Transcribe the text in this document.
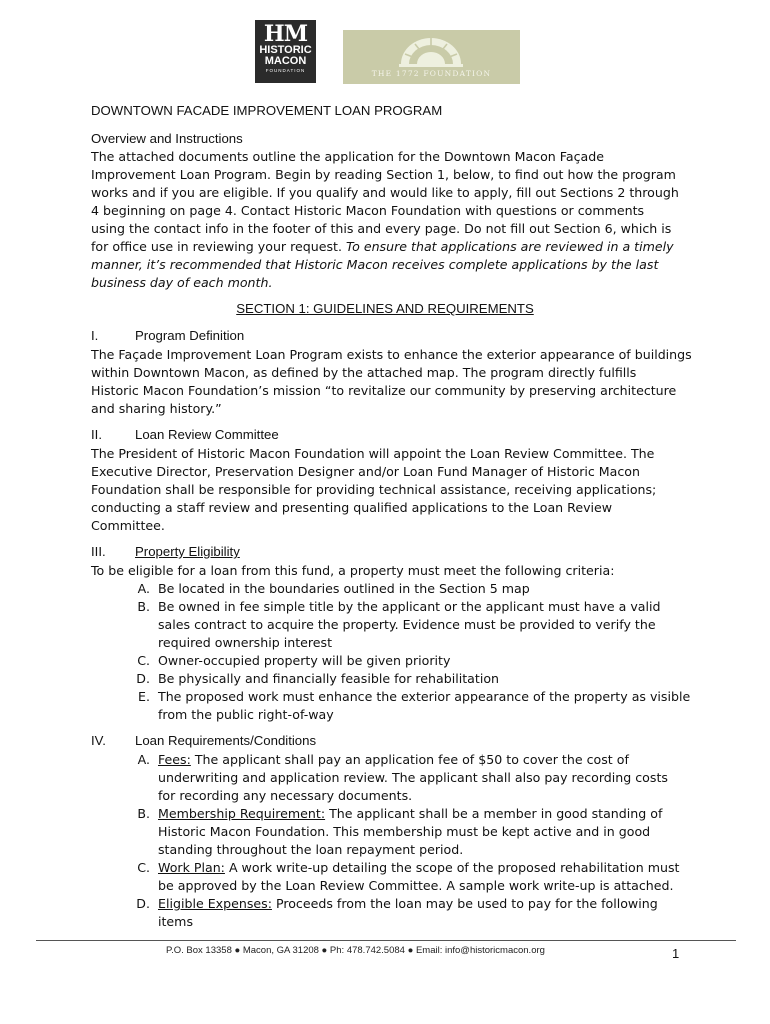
HM
HISTORIC
MACON
FOUNDATION	THE 1772 FOUNDATION
DOWNTOWN FACADE IMPROVEMENT LOAN PROGRAM
Overview and Instructions
The attached documents outline the application for the Downtown Macon Façade
Improvement Loan Program. Begin by reading Section 1, below, to find out how the program
works and if you are eligible. If you qualify and would like to apply, fill out Sections 2 through
4 beginning on page 4. Contact Historic Macon Foundation with questions or comments
using the contact info in the footer of this and every page. Do not fill out Section 6, which is
for office use in reviewing your request. To ensure that applications are reviewed in a timely
manner, it’s recommended that Historic Macon receives complete applications by the last
business day of each month.
SECTION 1: GUIDELINES AND REQUIREMENTS
I.	Program Definition
The Façade Improvement Loan Program exists to enhance the exterior appearance of buildings
within Downtown Macon, as defined by the attached map. The program directly fulfills
Historic Macon Foundation’s mission “to revitalize our community by preserving architecture
and sharing history.”
II.	Loan Review Committee
The President of Historic Macon Foundation will appoint the Loan Review Committee. The
Executive Director, Preservation Designer and/or Loan Fund Manager of Historic Macon
Foundation shall be responsible for providing technical assistance, receiving applications;
conducting a staff review and presenting qualified applications to the Loan Review
Committee.
III. Property Eligibility
To be eligible for a loan from this fund, a property must meet the following criteria:
A. Be located in the boundaries outlined in the Section 5 map
B. Be owned in fee simple title by the applicant or the applicant must have a valid
sales contract to acquire the property. Evidence must be provided to verify the
required ownership interest
C. Owner-occupied property will be given priority
D. Be physically and financially feasible for rehabilitation
E. The proposed work must enhance the exterior appearance of the property as visible
from the public right-of-way
IV. Loan Requirements/Conditions
A. Fees: The applicant shall pay an application fee of $50 to cover the cost of
underwriting and application review. The applicant shall also pay recording costs
for recording any necessary documents.
B. Membership Requirement: The applicant shall be a member in good standing of
Historic Macon Foundation. This membership must be kept active and in good
standing throughout the loan repayment period.
C. Work Plan: A work write-up detailing the scope of the proposed rehabilitation must
be approved by the Loan Review Committee. A sample work write-up is attached.
D. Eligible Expenses: Proceeds from the loan may be used to pay for the following
items
P.O. Box 13358 ● Macon, GA 31208 ● Ph: 478.742.5084 ● Email: info@historicmacon.org	1
